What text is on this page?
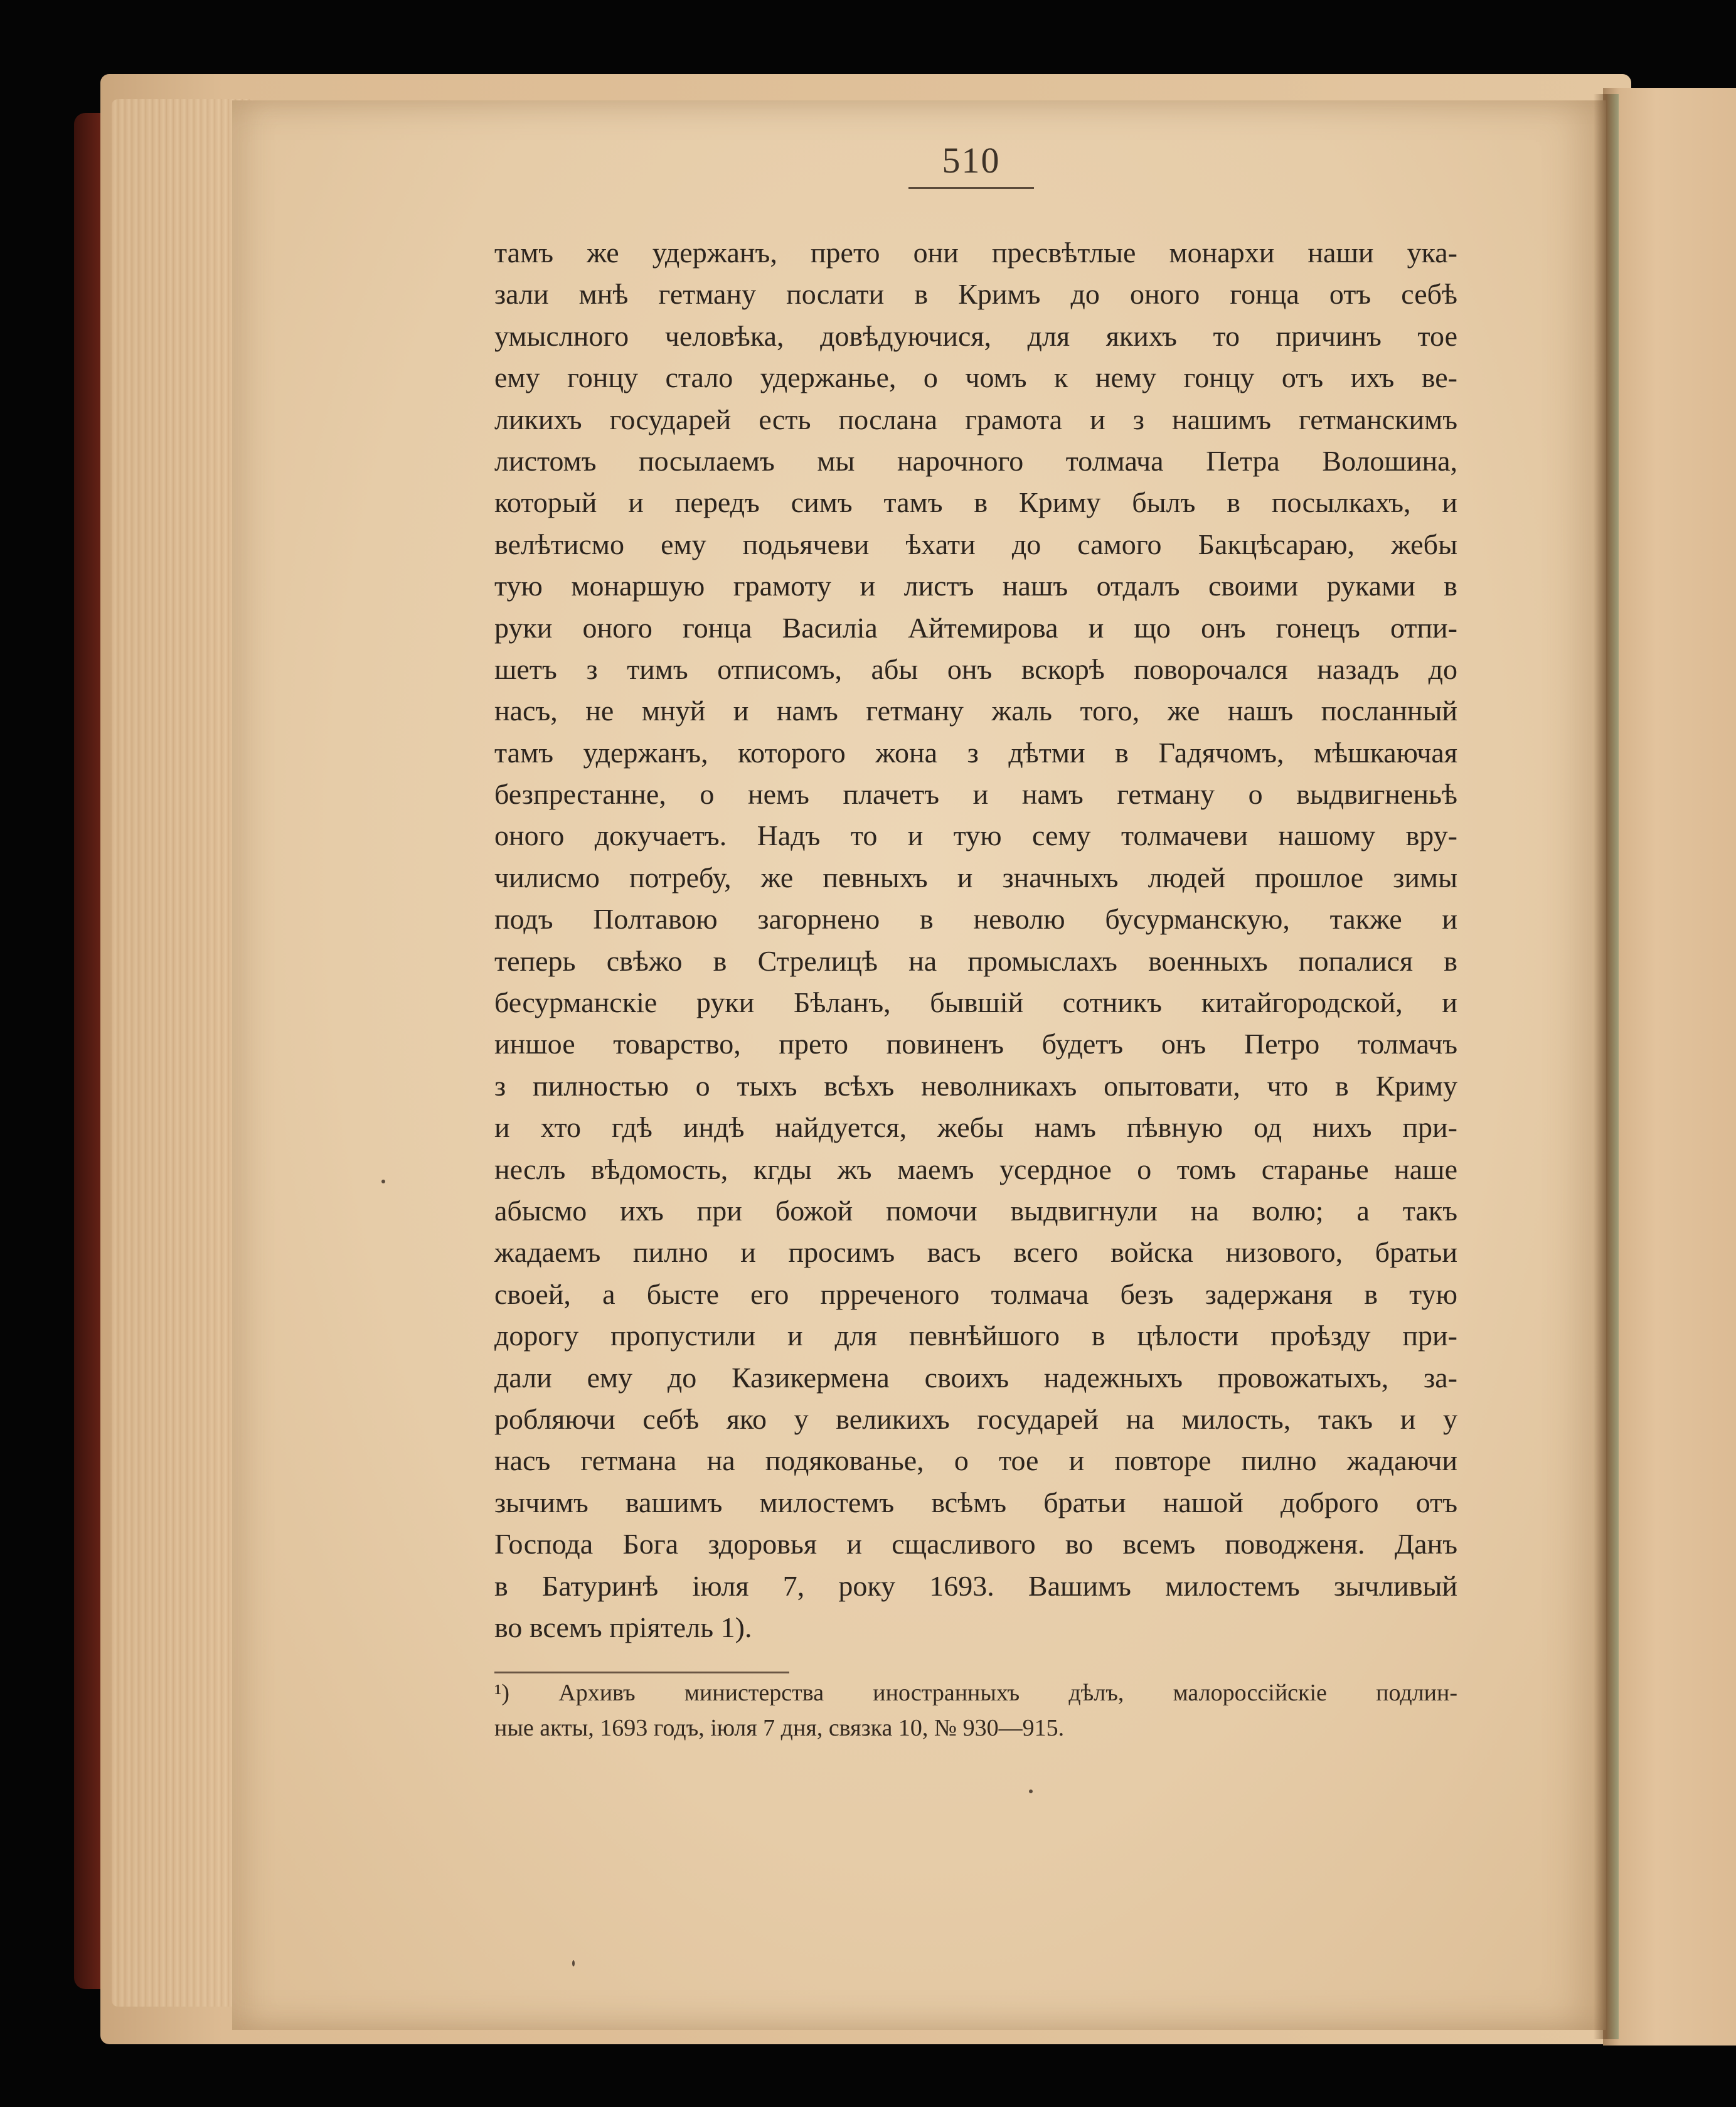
510
тамъ же удержанъ, прето они пресвѣтлые монархи наши ука-
зали мнѣ гетману послати в Кримъ до оного гонца отъ себѣ
умыслного человѣка, довѣдуючися, для якихъ то причинъ тое
ему гонцу стало удержанье, о чомъ к нему гонцу отъ ихъ ве-
ликихъ государей есть послана грамота и з нашимъ гетманскимъ
листомъ посылаемъ мы нарочного толмача Петра Волошина,
который и передъ симъ тамъ в Криму былъ в посылкахъ, и
велѣтисмо ему подьячеви ѣхати до самого Бакцѣсараю, жебы
тую монаршую грамоту и листъ нашъ отдалъ своими руками в
руки оного гонца Василіа Айтемирова и що онъ гонецъ отпи-
шетъ з тимъ отписомъ, абы онъ вскорѣ поворочался назадъ до
насъ, не мнуй и намъ гетману жаль того, же нашъ посланный
тамъ удержанъ, которого жона з дѣтми в Гадячомъ, мѣшкаючая
безпрестанне, о немъ плачетъ и намъ гетману о выдвигненьѣ
оного докучаетъ. Надъ то и тую сему толмачеви нашому вру-
чилисмо потребу, же певныхъ и значныхъ людей прошлое зимы
подъ Полтавою загорнено в неволю бусурманскую, также и
теперь свѣжо в Стрелицѣ на промыслахъ военныхъ попалися в
бесурманскіе руки Бѣланъ, бывшій сотникъ китайгородской, и
иншое товарство, прето повиненъ будетъ онъ Петро толмачъ
з пилностью о тыхъ всѣхъ неволникахъ опытовати, что в Криму
и хто гдѣ индѣ найдуется, жебы намъ пѣвную од нихъ при-
неслъ вѣдомость, кгды жъ маемъ усердное о томъ старанье наше
абысмо ихъ при божой помочи выдвигнули на волю; а такъ
жадаемъ пилно и просимъ васъ всего войска низового, братьи
своей, а бысте его прреченого толмача безъ задержаня в тую
дорогу пропустили и для певнѣйшого в цѣлости проѣзду при-
дали ему до Казикермена своихъ надежныхъ провожатыхъ, за-
робляючи себѣ яко у великихъ государей на милость, такъ и у
насъ гетмана на подякованье, о тое и повторе пилно жадаючи
зычимъ вашимъ милостемъ всѣмъ братьи нашой доброго отъ
Господа Бога здоровья и сщасливого во всемъ поводженя. Данъ
в Батуринѣ іюля 7, року 1693. Вашимъ милостемъ зычливый
во всемъ пріятель 1).
¹) Архивъ министерства иностранныхъ дѣлъ, малороссійскіе подлин-
ные акты, 1693 годъ, іюля 7 дня, связка 10, № 930—915.
